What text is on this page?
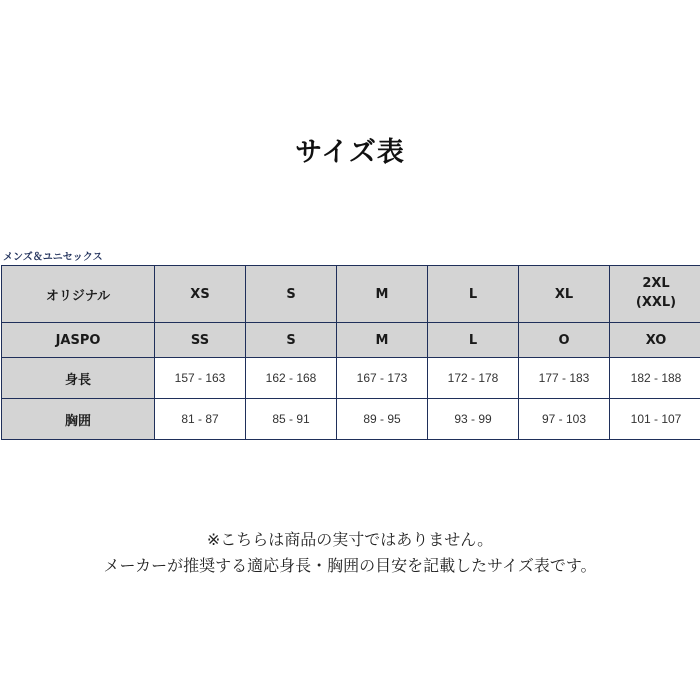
サイズ表
メンズ＆ユニセックス
オリジナル	XS	S	M	L	XL	2XL
(XXL)
JASPO	SS	S	M	L	O	XO
身長	157 - 163	162 - 168	167 - 173	172 - 178	177 - 183	182 - 188
胸囲	81 - 87	85 - 91	89 - 95	93 - 99	97 - 103	101 - 107
※こちらは商品の実寸ではありません。
メーカーが推奨する適応身長・胸囲の目安を記載したサイズ表です。
